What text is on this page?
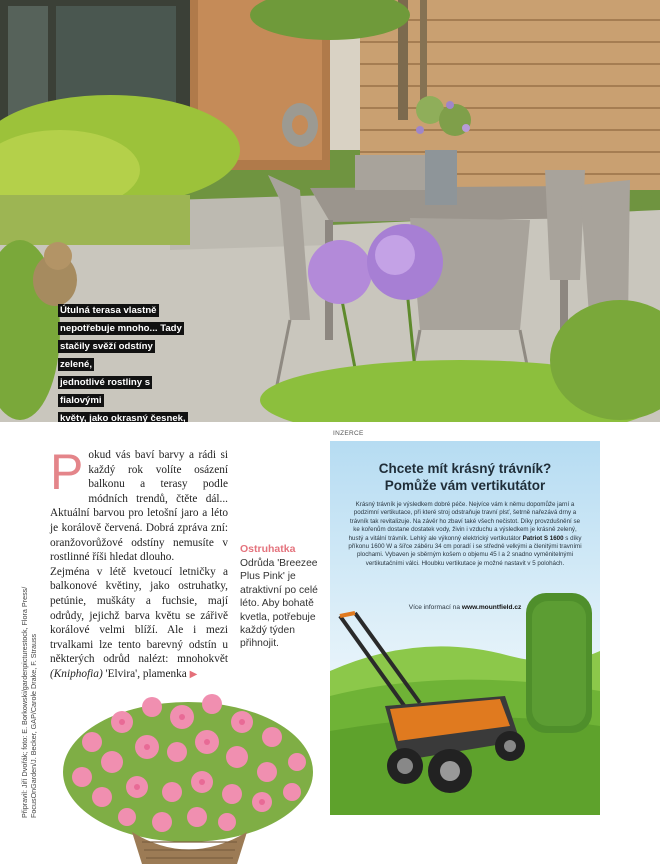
Útulná terasa vlastně
nepotřebuje mnoho... Tady
stačily svěží odstíny zelené,
jednotlivé rostliny s fialovými
květy, jako okrasný česnek,

P okud vás baví barvy a rádi si každý rok volíte osázení balkonu a terasy podle módních trendů, čtěte dál... Aktuální barvou pro letošní jaro a léto je korálově červená. Dobrá zpráva zní: oranžovorůžové odstíny nemusíte v rostlinné říši hledat dlouho.

Zejména v létě kvetoucí letničky a balkonové květiny, jako ostruhatky, petúnie, muškáty a fuchsie, mají odrůdy, jejichž barva květu se zářivě korálové velmi blíží. Ale i mezi trvalkami lze tento barevný odstín u některých odrůd nalézt: mnohokvět (Kniphofia) 'Elvira', plamenka ▶

Připravil: Jiří Dvořák; foto: E. Borkowski/gardenpicturestock, Flora Press/ FocusOnGarden/J. Becker, GAP/Carole Drake, F. Strauss
Ostruhatka
Odrůda 'Breezee Plus Pink' je atraktivní po celé léto. Aby bohatě kvetla, potřebuje každý týden přihnojit.
INZERCE
Chcete mít krásný trávník?
Pomůže vám vertikutátor
Krásný trávník je výsledkem dobré péče. Nejvíce vám k němu dopomůže jarní a podzimní vertikutace, při které stroj odstraňuje travní plsť, šetrně nařezává drny a trávník tak revitalizuje. Na závěr ho zbaví také všech nečistot. Díky provzdušnění se ke kořenům dostane dostatek vody, živin i vzduchu a výsledkem je krásně zelený, hustý a vitální trávník. Lehký ale výkonný elektrický vertikutátor Patriot S 1600 s díky příkonu 1600 W a šířce záběru 34 cm poradí i se středně velkými a členitými travními plochami. Vybaven je sběrným košem o objemu 45 l a 2 snadno vyměnitelnými vertikutačními válci. Hloubku vertikutace je možné nastavit v 5 polohách.
Více informací na www.mountfield.cz
